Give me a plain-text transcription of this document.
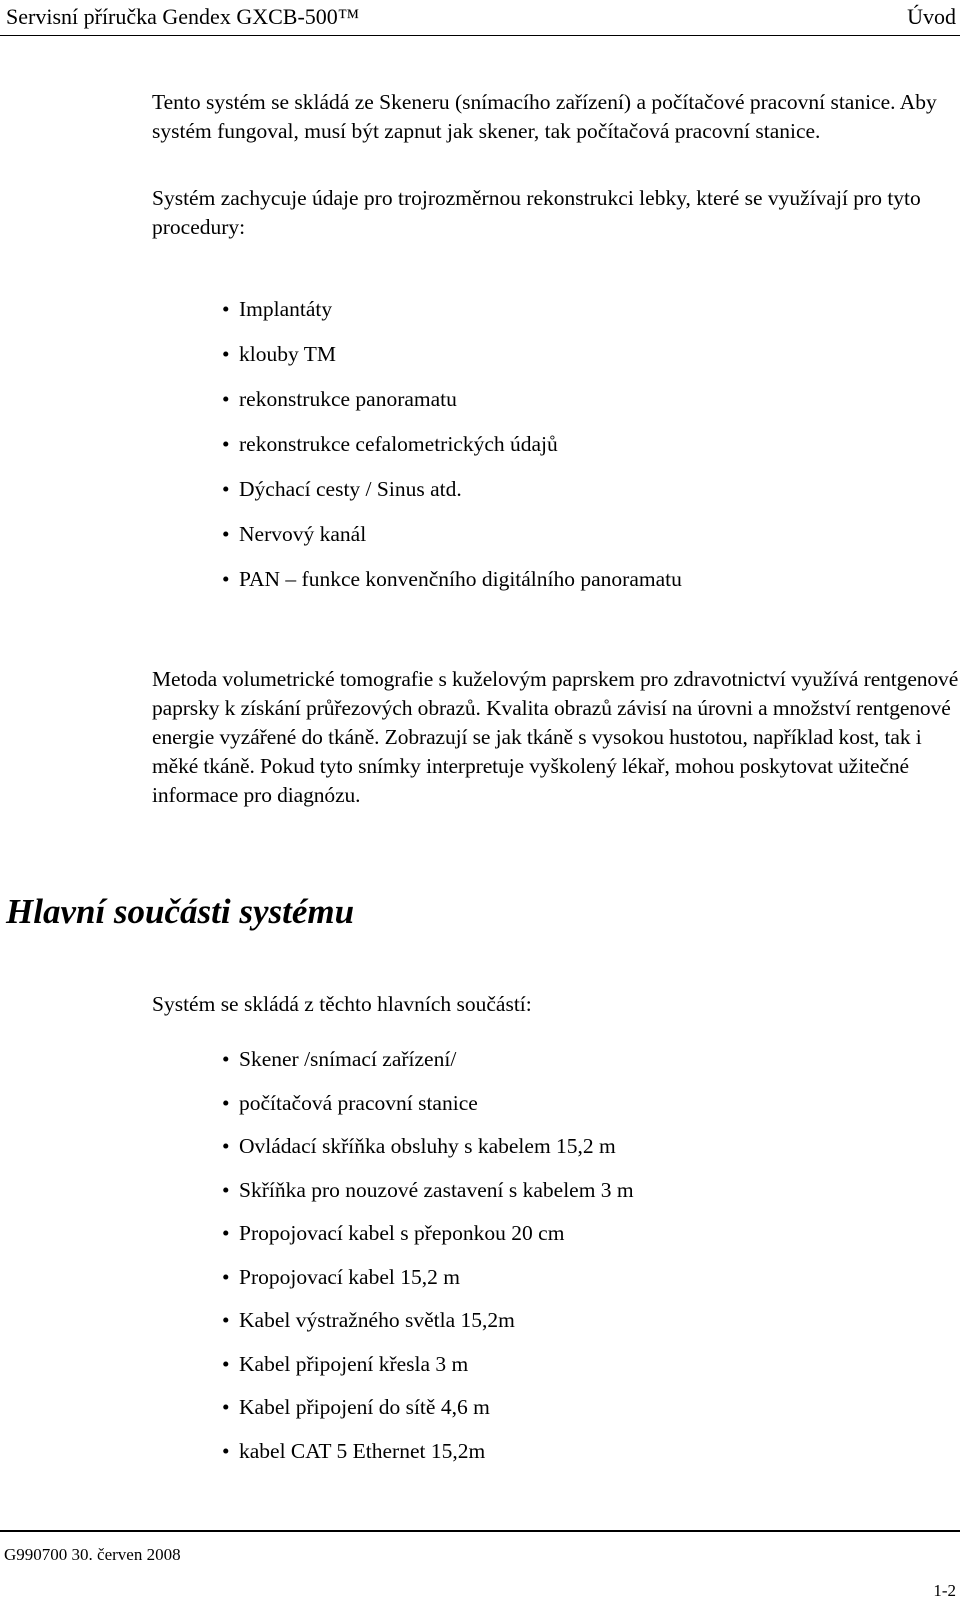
Servisní příručka Gendex GXCB-500™	Úvod

Tento systém se skládá ze Skeneru (snímacího zařízení) a počítačové pracovní stanice. Aby systém fungoval, musí být zapnut jak skener, tak počítačová pracovní stanice.

Systém zachycuje údaje pro trojrozměrnou rekonstrukci lebky, které se využívají pro tyto procedury:

• Implantáty
• klouby TM
• rekonstrukce panoramatu
• rekonstrukce cefalometrických údajů
• Dýchací cesty / Sinus atd.
• Nervový kanál
• PAN – funkce konvenčního digitálního panoramatu

Metoda volumetrické tomografie s kuželovým paprskem pro zdravotnictví využívá rentgenové paprsky k získání průřezových obrazů. Kvalita obrazů závisí na úrovni a množství rentgenové energie vyzářené do tkáně. Zobrazují se jak tkáně s vysokou hustotou, například kost, tak i měké tkáně. Pokud tyto snímky interpretuje vyškolený lékař, mohou poskytovat užitečné informace pro diagnózu.

Hlavní součásti systému

Systém se skládá z těchto hlavních součástí:

• Skener /snímací zařízení/
• počítačová pracovní stanice
• Ovládací skříňka obsluhy s kabelem 15,2 m
• Skříňka pro nouzové zastavení s kabelem 3 m
• Propojovací kabel s přeponkou 20 cm
• Propojovací kabel 15,2 m
• Kabel výstražného světla 15,2m
• Kabel připojení křesla 3 m
• Kabel připojení do sítě 4,6 m
• kabel CAT 5 Ethernet 15,2m
G990700 30. červen 2008
1-2
